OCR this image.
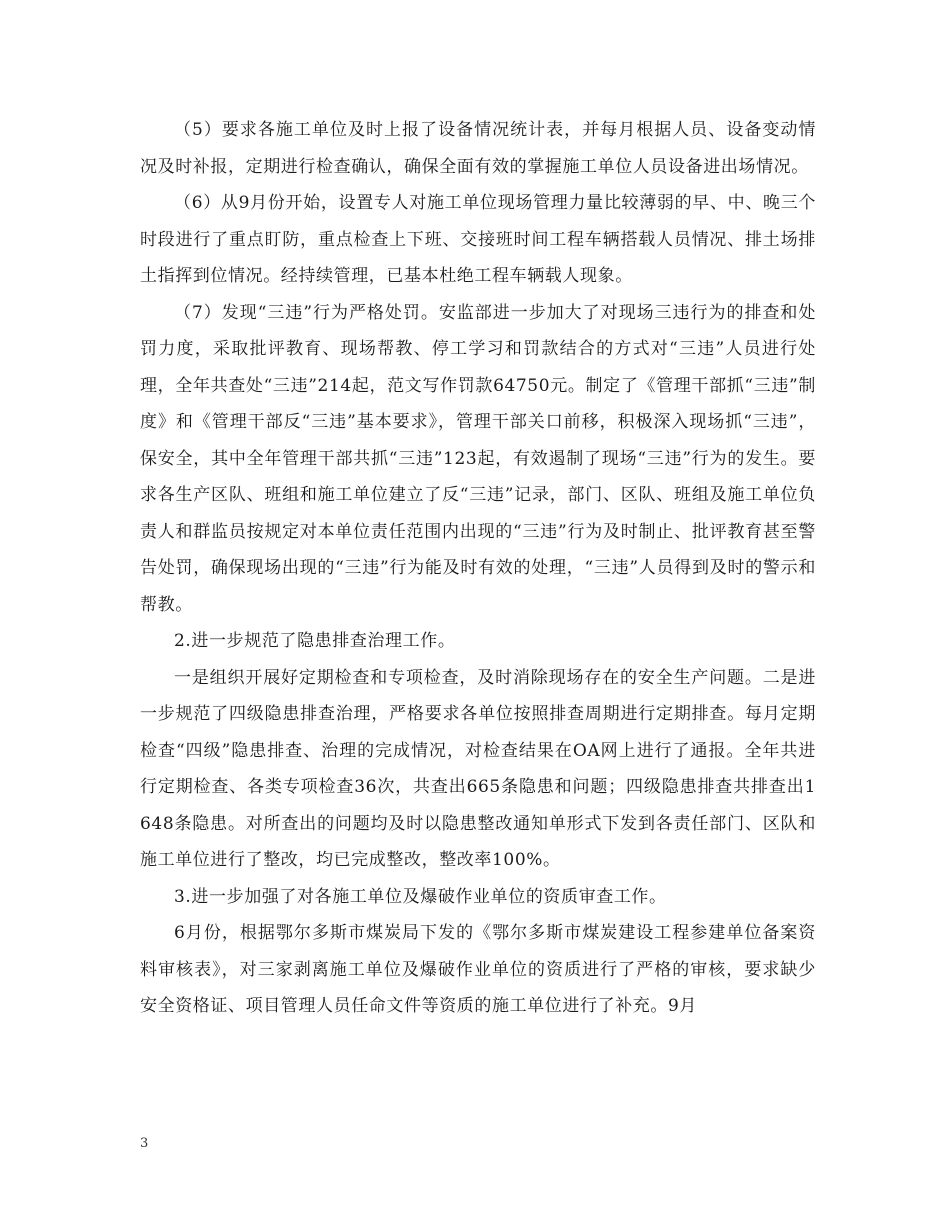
（5）要求各施工单位及时上报了设备情况统计表，并每月根据人员、设备变动情况及时补报，定期进行检查确认，确保全面有效的掌握施工单位人员设备进出场情况。

（6）从9月份开始，设置专人对施工单位现场管理力量比较薄弱的早、中、晚三个时段进行了重点盯防，重点检查上下班、交接班时间工程车辆搭载人员情况、排土场排土指挥到位情况。经持续管理，已基本杜绝工程车辆载人现象。

（7）发现“三违”行为严格处罚。安监部进一步加大了对现场三违行为的排查和处罚力度，采取批评教育、现场帮教、停工学习和罚款结合的方式对“三违”人员进行处理，全年共查处“三违”214起，范文写作罚款64750元。制定了《管理干部抓“三违”制度》和《管理干部反“三违”基本要求》，管理干部关口前移，积极深入现场抓“三违”，保安全，其中全年管理干部共抓“三违”123起，有效遏制了现场“三违”行为的发生。要求各生产区队、班组和施工单位建立了反“三违”记录，部门、区队、班组及施工单位负责人和群监员按规定对本单位责任范围内出现的“三违”行为及时制止、批评教育甚至警告处罚，确保现场出现的“三违”行为能及时有效的处理，“三违”人员得到及时的警示和帮教。

2.进一步规范了隐患排查治理工作。

一是组织开展好定期检查和专项检查，及时消除现场存在的安全生产问题。二是进一步规范了四级隐患排查治理，严格要求各单位按照排查周期进行定期排查。每月定期检查“四级”隐患排查、治理的完成情况，对检查结果在OA网上进行了通报。全年共进行定期检查、各类专项检查36次，共查出665条隐患和问题；四级隐患排查共排查出1648条隐患。对所查出的问题均及时以隐患整改通知单形式下发到各责任部门、区队和施工单位进行了整改，均已完成整改，整改率100%。

3.进一步加强了对各施工单位及爆破作业单位的资质审查工作。

6月份，根据鄂尔多斯市煤炭局下发的《鄂尔多斯市煤炭建设工程参建单位备案资料审核表》，对三家剥离施工单位及爆破作业单位的资质进行了严格的审核，要求缺少安全资格证、项目管理人员任命文件等资质的施工单位进行了补充。9月

3
